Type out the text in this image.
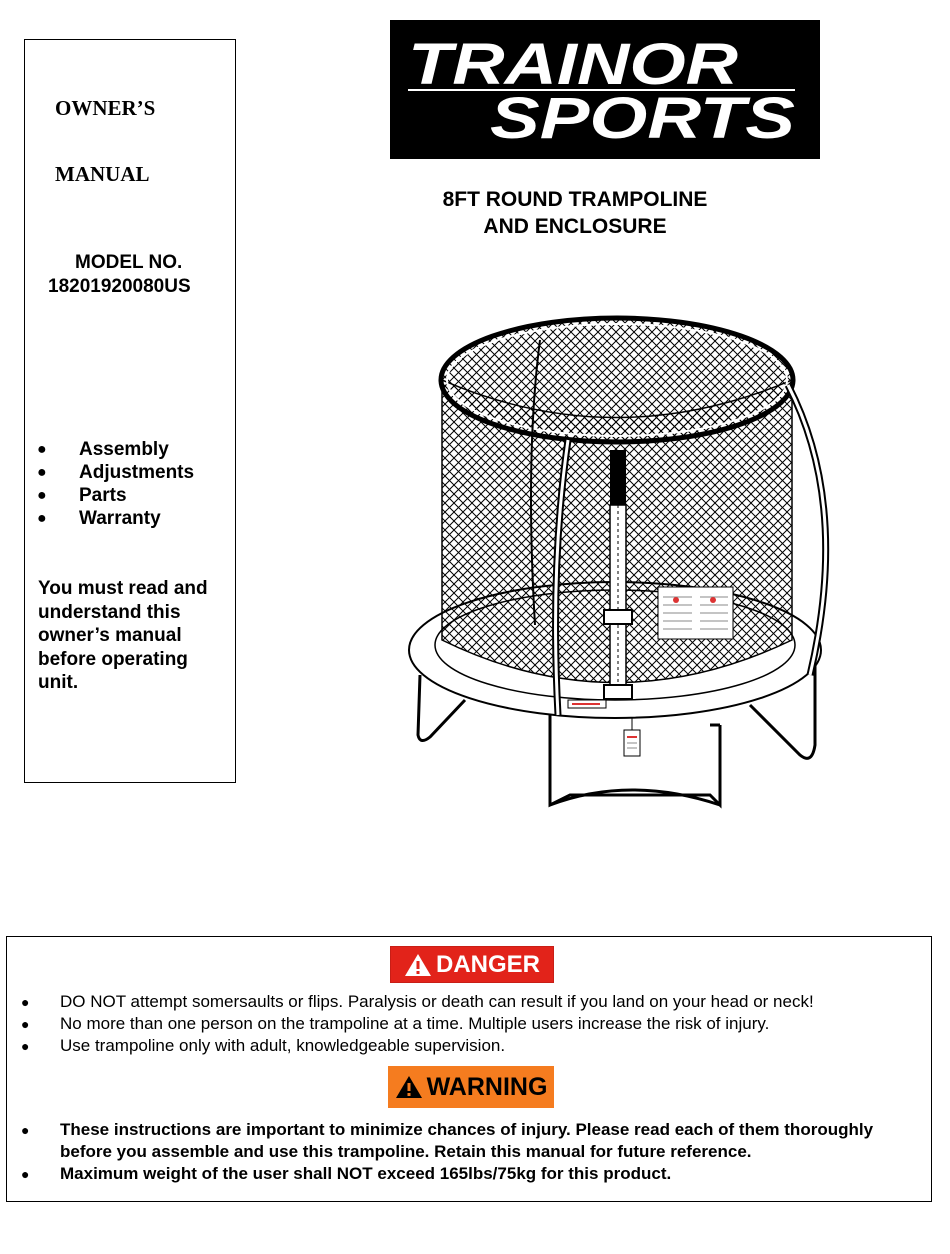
OWNER’S
MANUAL
MODEL NO.
18201920080US
●	Assembly
●	Adjustments
●	Parts
●	Warranty
You must read and understand this owner’s manual before operating unit.
TRAINOR
SPORTS
8FT ROUND TRAMPOLINE
AND ENCLOSURE
DANGER
●	DO NOT attempt somersaults or flips. Paralysis or death can result if you land on your head or neck!
●	No more than one person on the trampoline at a time. Multiple users increase the risk of injury.
●	Use trampoline only with adult, knowledgeable supervision.
WARNING
●	These instructions are important to minimize chances of injury. Please read each of them thoroughly before you assemble and use this trampoline. Retain this manual for future reference.
●	Maximum weight of the user shall NOT exceed 165lbs/75kg for this product.
